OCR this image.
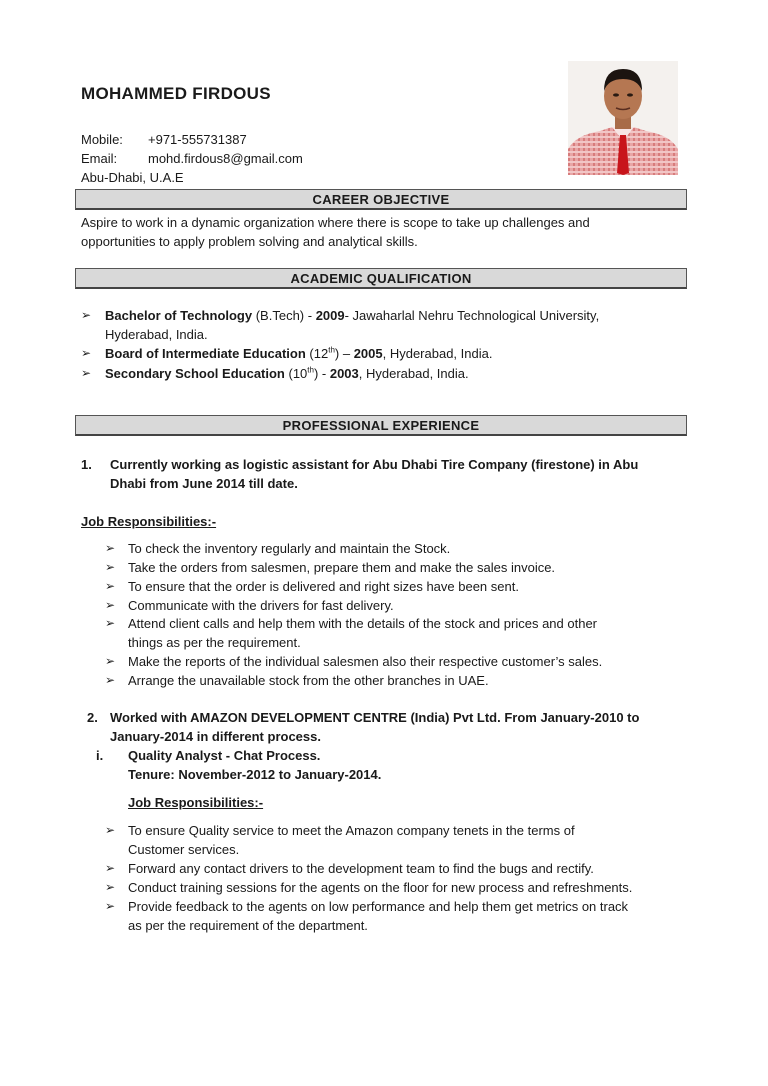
MOHAMMED FIRDOUS
Mobile: +971-555731387
Email: mohd.firdous8@gmail.com
Abu-Dhabi, U.A.E
CAREER OBJECTIVE
Aspire to work in a dynamic organization where there is scope to take up challenges and
opportunities to apply problem solving and analytical skills.
ACADEMIC QUALIFICATION
➢ Bachelor of Technology (B.Tech) - 2009- Jawaharlal Nehru Technological University,
Hyderabad, India.
➢ Board of Intermediate Education (12th) – 2005, Hyderabad, India.
➢ Secondary School Education (10th) - 2003, Hyderabad, India.
PROFESSIONAL EXPERIENCE
1. Currently working as logistic assistant for Abu Dhabi Tire Company (firestone) in Abu
Dhabi from June 2014 till date.
Job Responsibilities:-
➢ To check the inventory regularly and maintain the Stock.
➢ Take the orders from salesmen, prepare them and make the sales invoice.
➢ To ensure that the order is delivered and right sizes have been sent.
➢ Communicate with the drivers for fast delivery.
➢ Attend client calls and help them with the details of the stock and prices and other
things as per the requirement.
➢ Make the reports of the individual salesmen also their respective customer’s sales.
➢ Arrange the unavailable stock from the other branches in UAE.
2. Worked with AMAZON DEVELOPMENT CENTRE (India) Pvt Ltd. From January-2010 to
January-2014 in different process.
i. Quality Analyst - Chat Process.
Tenure: November-2012 to January-2014.
Job Responsibilities:-
➢ To ensure Quality service to meet the Amazon company tenets in the terms of
Customer services.
➢ Forward any contact drivers to the development team to find the bugs and rectify.
➢ Conduct training sessions for the agents on the floor for new process and refreshments.
➢ Provide feedback to the agents on low performance and help them get metrics on track
as per the requirement of the department.
